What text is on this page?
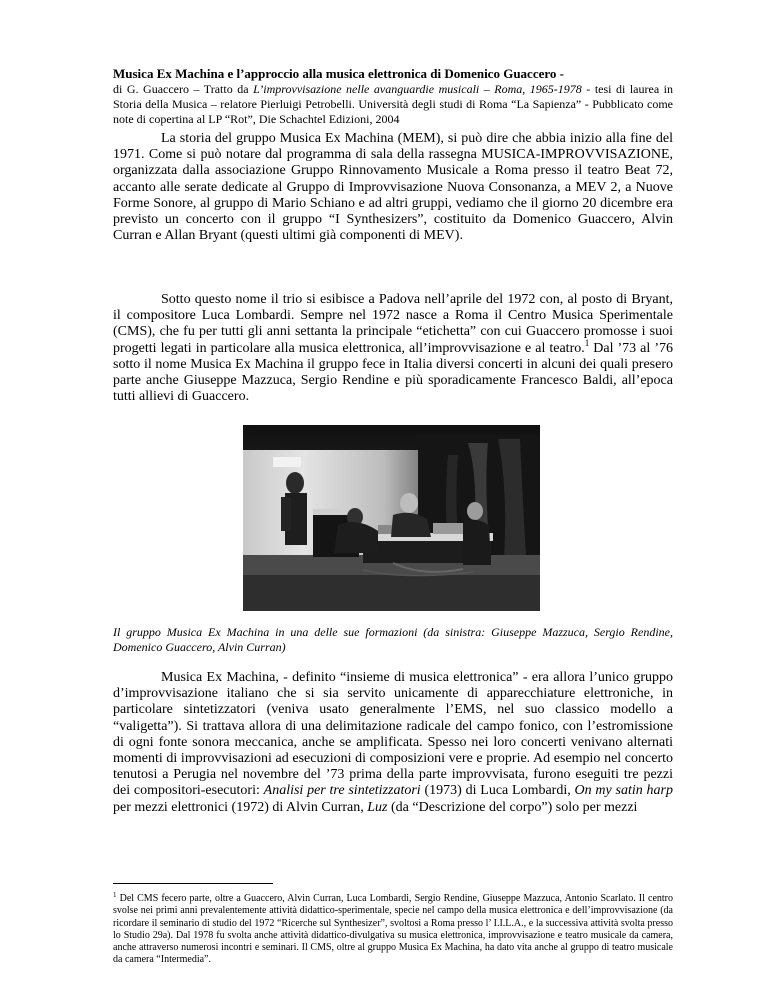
Musica Ex Machina e l’approccio alla musica elettronica di Domenico Guaccero -
di G. Guaccero – Tratto da L’improvvisazione nelle avanguardie musicali – Roma, 1965-1978 - tesi di laurea in Storia della Musica – relatore Pierluigi Petrobelli. Università degli studi di Roma “La Sapienza” - Pubblicato come note di copertina al LP “Rot”, Die Schachtel Edizioni, 2004
La storia del gruppo Musica Ex Machina (MEM), si può dire che abbia inizio alla fine del 1971. Come si può notare dal programma di sala della rassegna MUSICA-IMPROVVISAZIONE, organizzata dalla associazione Gruppo Rinnovamento Musicale a Roma presso il teatro Beat 72, accanto alle serate dedicate al Gruppo di Improvvisazione Nuova Consonanza, a MEV 2, a Nuove Forme Sonore, al gruppo di Mario Schiano e ad altri gruppi, vediamo che il giorno 20 dicembre era previsto un concerto con il gruppo “I Synthesizers”, costituito da Domenico Guaccero, Alvin Curran e Allan Bryant (questi ultimi già componenti di MEV).
Sotto questo nome il trio si esibisce a Padova nell’aprile del 1972 con, al posto di Bryant, il compositore Luca Lombardi. Sempre nel 1972 nasce a Roma il Centro Musica Sperimentale (CMS), che fu per tutti gli anni settanta la principale “etichetta” con cui Guaccero promosse i suoi progetti legati in particolare alla musica elettronica, all’improvvisazione e al teatro.$^1$ Dal ’73 al ’76 sotto il nome Musica Ex Machina il gruppo fece in Italia diversi concerti in alcuni dei quali presero parte anche Giuseppe Mazzuca, Sergio Rendine e più sporadicamente Francesco Baldi, all’epoca tutti allievi di Guaccero.
Il gruppo Musica Ex Machina in una delle sue formazioni (da sinistra: Giuseppe Mazzuca, Sergio Rendine, Domenico Guaccero, Alvin Curran)
Musica Ex Machina, - definito “insieme di musica elettronica” - era allora l’unico gruppo d’improvvisazione italiano che si sia servito unicamente di apparecchiature elettroniche, in particolare sintetizzatori (veniva usato generalmente l’EMS, nel suo classico modello a “valigetta”). Si trattava allora di una delimitazione radicale del campo fonico, con l’estromissione di ogni fonte sonora meccanica, anche se amplificata. Spesso nei loro concerti venivano alternati momenti di improvvisazioni ad esecuzioni di composizioni vere e proprie. Ad esempio nel concerto tenutosi a Perugia nel novembre del ’73 prima della parte improvvisata, furono eseguiti tre pezzi dei compositori-esecutori: Analisi per tre sintetizzatori (1973) di Luca Lombardi, On my satin harp per mezzi elettronici (1972) di Alvin Curran, Luz (da “Descrizione del corpo”) solo per mezzi
$^1$ Del CMS fecero parte, oltre a Guaccero, Alvin Curran, Luca Lombardi, Sergio Rendine, Giuseppe Mazzuca, Antonio Scarlato. Il centro svolse nei primi anni prevalentemente attività didattico-sperimentale, specie nel campo della musica elettronica e dell’improvvisazione (da ricordare il seminario di studio del 1972 “Ricerche sul Synthesizer”, svoltosi a Roma presso l’ I.I.L.A., e la successiva attività svolta presso lo Studio 29a). Dal 1978 fu svolta anche attività didattico-divulgativa su musica elettronica, improvvisazione e teatro musicale da camera, anche attraverso numerosi incontri e seminari. Il CMS, oltre al gruppo Musica Ex Machina, ha dato vita anche al gruppo di teatro musicale da camera “Intermedia”.
